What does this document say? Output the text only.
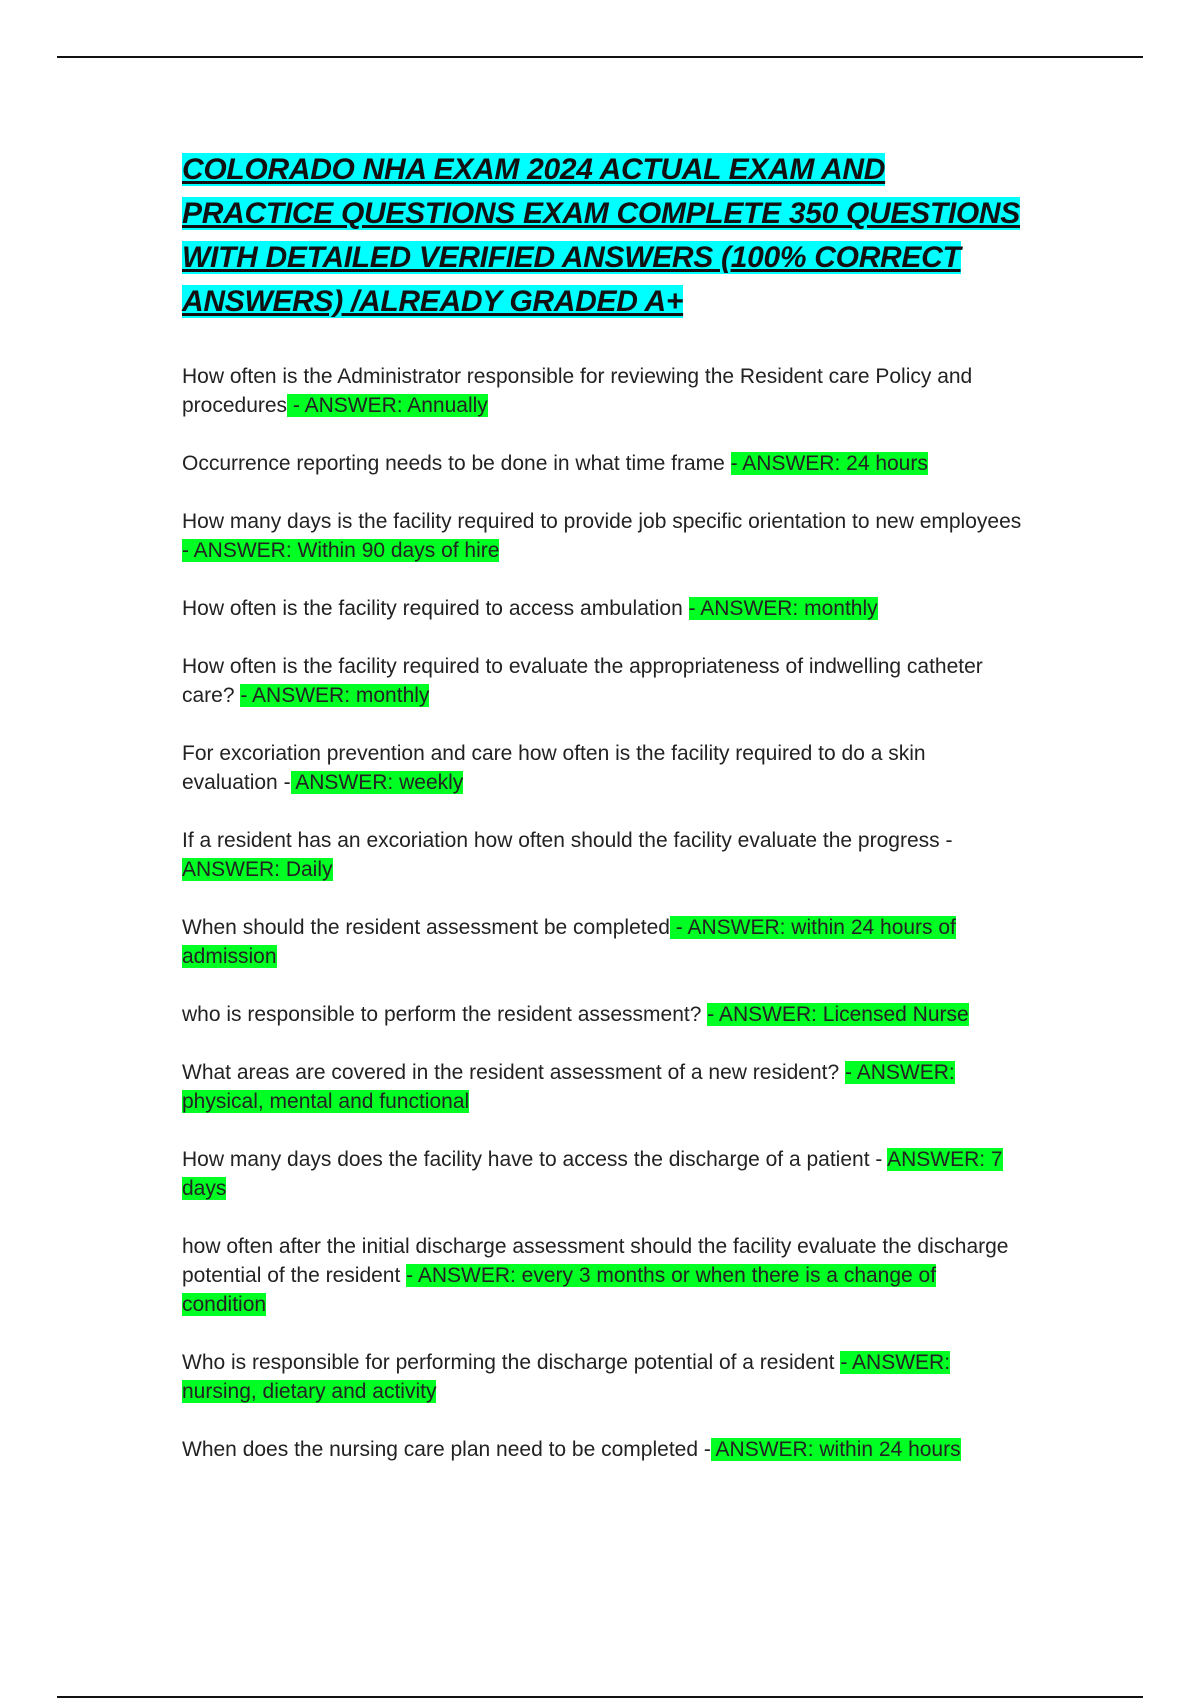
COLORADO NHA EXAM 2024 ACTUAL EXAM AND PRACTICE QUESTIONS EXAM COMPLETE 350 QUESTIONS WITH DETAILED VERIFIED ANSWERS (100% CORRECT ANSWERS) /ALREADY GRADED A+
How often is the Administrator responsible for reviewing the Resident care Policy and procedures - ANSWER: Annually
Occurrence reporting needs to be done in what time frame - ANSWER: 24 hours
How many days is the facility required to provide job specific orientation to new employees - ANSWER: Within 90 days of hire
How often is the facility required to access ambulation - ANSWER: monthly
How often is the facility required to evaluate the appropriateness of indwelling catheter care? - ANSWER: monthly
For excoriation prevention and care how often is the facility required to do a skin evaluation - ANSWER: weekly
If a resident has an excoriation how often should the facility evaluate the progress - ANSWER: Daily
When should the resident assessment be completed - ANSWER: within 24 hours of admission
who is responsible to perform the resident assessment? - ANSWER: Licensed Nurse
What areas are covered in the resident assessment of a new resident? - ANSWER: physical, mental and functional
How many days does the facility have to access the discharge of a patient - ANSWER: 7 days
how often after the initial discharge assessment should the facility evaluate the discharge potential of the resident - ANSWER: every 3 months or when there is a change of condition
Who is responsible for performing the discharge potential of a resident - ANSWER: nursing, dietary and activity
When does the nursing care plan need to be completed - ANSWER: within 24 hours
